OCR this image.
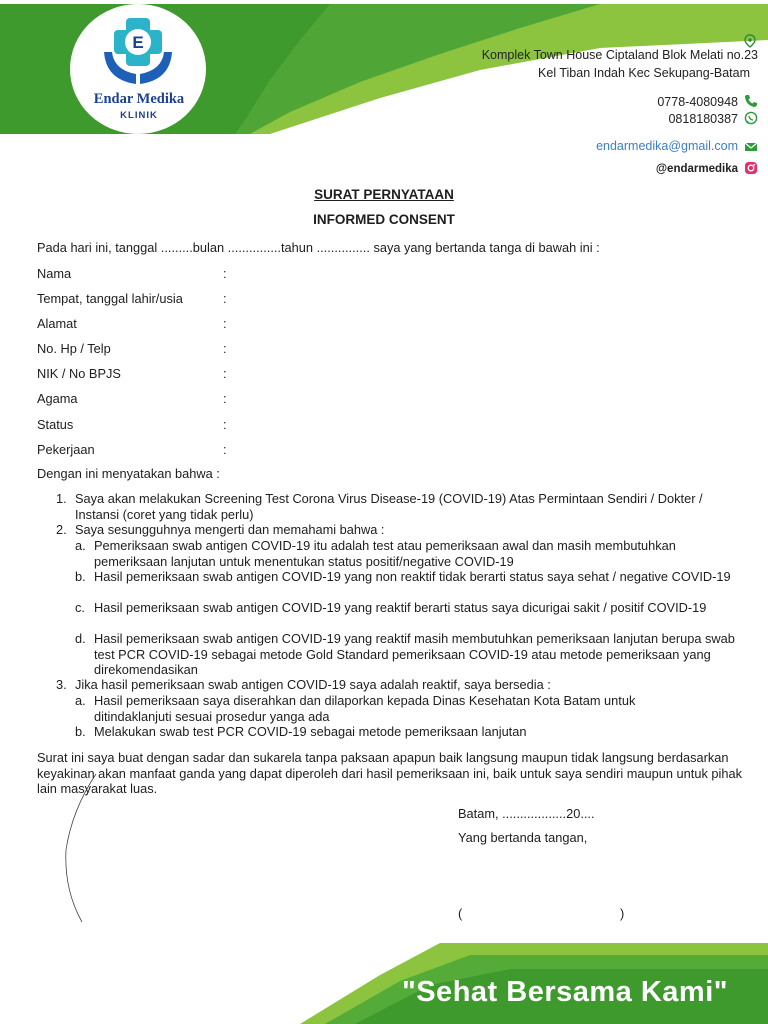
E
Endar Medika
KLINIK
Komplek Town House Ciptaland Blok Melati no.23
Kel Tiban Indah Kec Sekupang-Batam
0778-4080948
0818180387
endarmedika@gmail.com
@endarmedika
SURAT PERNYATAAN
INFORMED CONSENT
Pada hari ini, tanggal .........bulan ...............tahun ............... saya yang bertanda tanga di bawah ini :
Nama	:
Tempat, tanggal lahir/usia	:
Alamat	:
No. Hp / Telp	:
NIK / No BPJS	:
Agama	:
Status	:
Pekerjaan	:
Dengan ini menyatakan bahwa :
1. Saya akan melakukan Screening Test Corona Virus Disease-19 (COVID-19) Atas Permintaan Sendiri / Dokter / Instansi (coret yang tidak perlu)
2. Saya sesungguhnya mengerti dan memahami bahwa :
a. Pemeriksaan swab antigen COVID-19 itu adalah test atau pemeriksaan awal dan masih membutuhkan pemeriksaan lanjutan untuk menentukan status positif/negative COVID-19
b. Hasil pemeriksaan swab antigen COVID-19 yang non reaktif tidak berarti status saya sehat / negative COVID-19
c. Hasil pemeriksaan swab antigen COVID-19 yang reaktif berarti status saya dicurigai sakit / positif COVID-19
d. Hasil pemeriksaan swab antigen COVID-19 yang reaktif masih membutuhkan pemeriksaan lanjutan berupa swab test PCR COVID-19 sebagai metode Gold Standard pemeriksaan COVID-19 atau metode pemeriksaan yang direkomendasikan
3. Jika hasil pemeriksaan swab antigen COVID-19 saya adalah reaktif, saya bersedia :
a. Hasil pemeriksaan saya diserahkan dan dilaporkan kepada Dinas Kesehatan Kota Batam untuk ditindaklanjuti sesuai prosedur yanga ada
b. Melakukan swab test PCR COVID-19 sebagai metode pemeriksaan lanjutan
Surat ini saya buat dengan sadar dan sukarela tanpa paksaan apapun baik langsung maupun tidak langsung berdasarkan keyakinan akan manfaat ganda yang dapat diperoleh dari hasil pemeriksaan ini, baik untuk saya sendiri maupun untuk pihak lain masyarakat luas.
Batam, ..................20....
Yang bertanda tangan,
(	)
"Sehat Bersama Kami"
